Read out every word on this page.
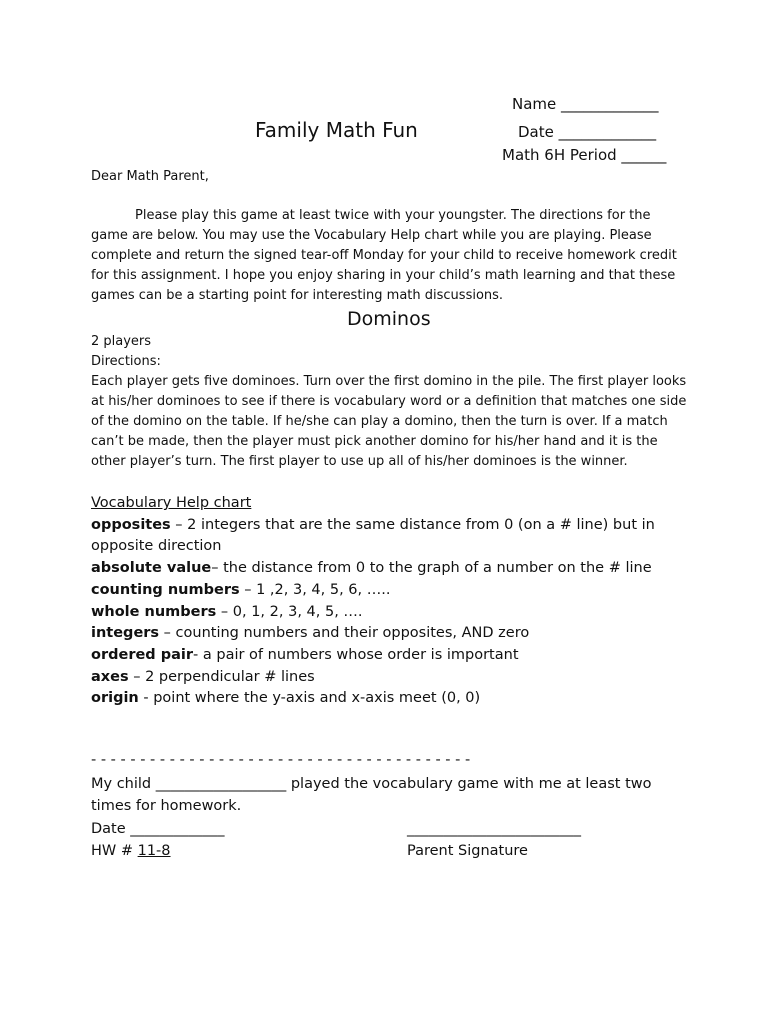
Name _____________
Family Math Fun	Date _____________
Math 6H Period ______
Dear Math Parent,
Please play this game at least twice with your youngster. The directions for the game are below. You may use the Vocabulary Help chart while you are playing. Please complete and return the signed tear-off Monday for your child to receive homework credit for this assignment. I hope you enjoy sharing in your child’s math learning and that these games can be a starting point for interesting math discussions.
Dominos

2 players

Directions:

Each player gets five dominoes. Turn over the first domino in the pile. The first player looks at his/her dominoes to see if there is vocabulary word or a definition that matches one side of the domino on the table. If he/she can play a domino, then the turn is over. If a match can’t be made, then the player must pick another domino for his/her hand and it is the other player’s turn. The first player to use up all of his/her dominoes is the winner.

Vocabulary Help chart

opposites – 2 integers that are the same distance from 0 (on a # line) but in opposite direction

absolute value– the distance from 0 to the graph of a number on the # line

counting numbers – 1 ,2, 3, 4, 5, 6, …..

whole numbers – 0, 1, 2, 3, 4, 5, ….

integers – counting numbers and their opposites, AND zero

ordered pair- a pair of numbers whose order is important

axes – 2 perpendicular # lines

origin - point where the y-axis and x-axis meet (0, 0)

- - - - - - - - - - - - - - - - - - - - - - - - - - - - - - - - - - - - - - -

My child __________________ played the vocabulary game with me at least two times for homework.

Date _____________	________________________
HW # 11-8	Parent Signature
